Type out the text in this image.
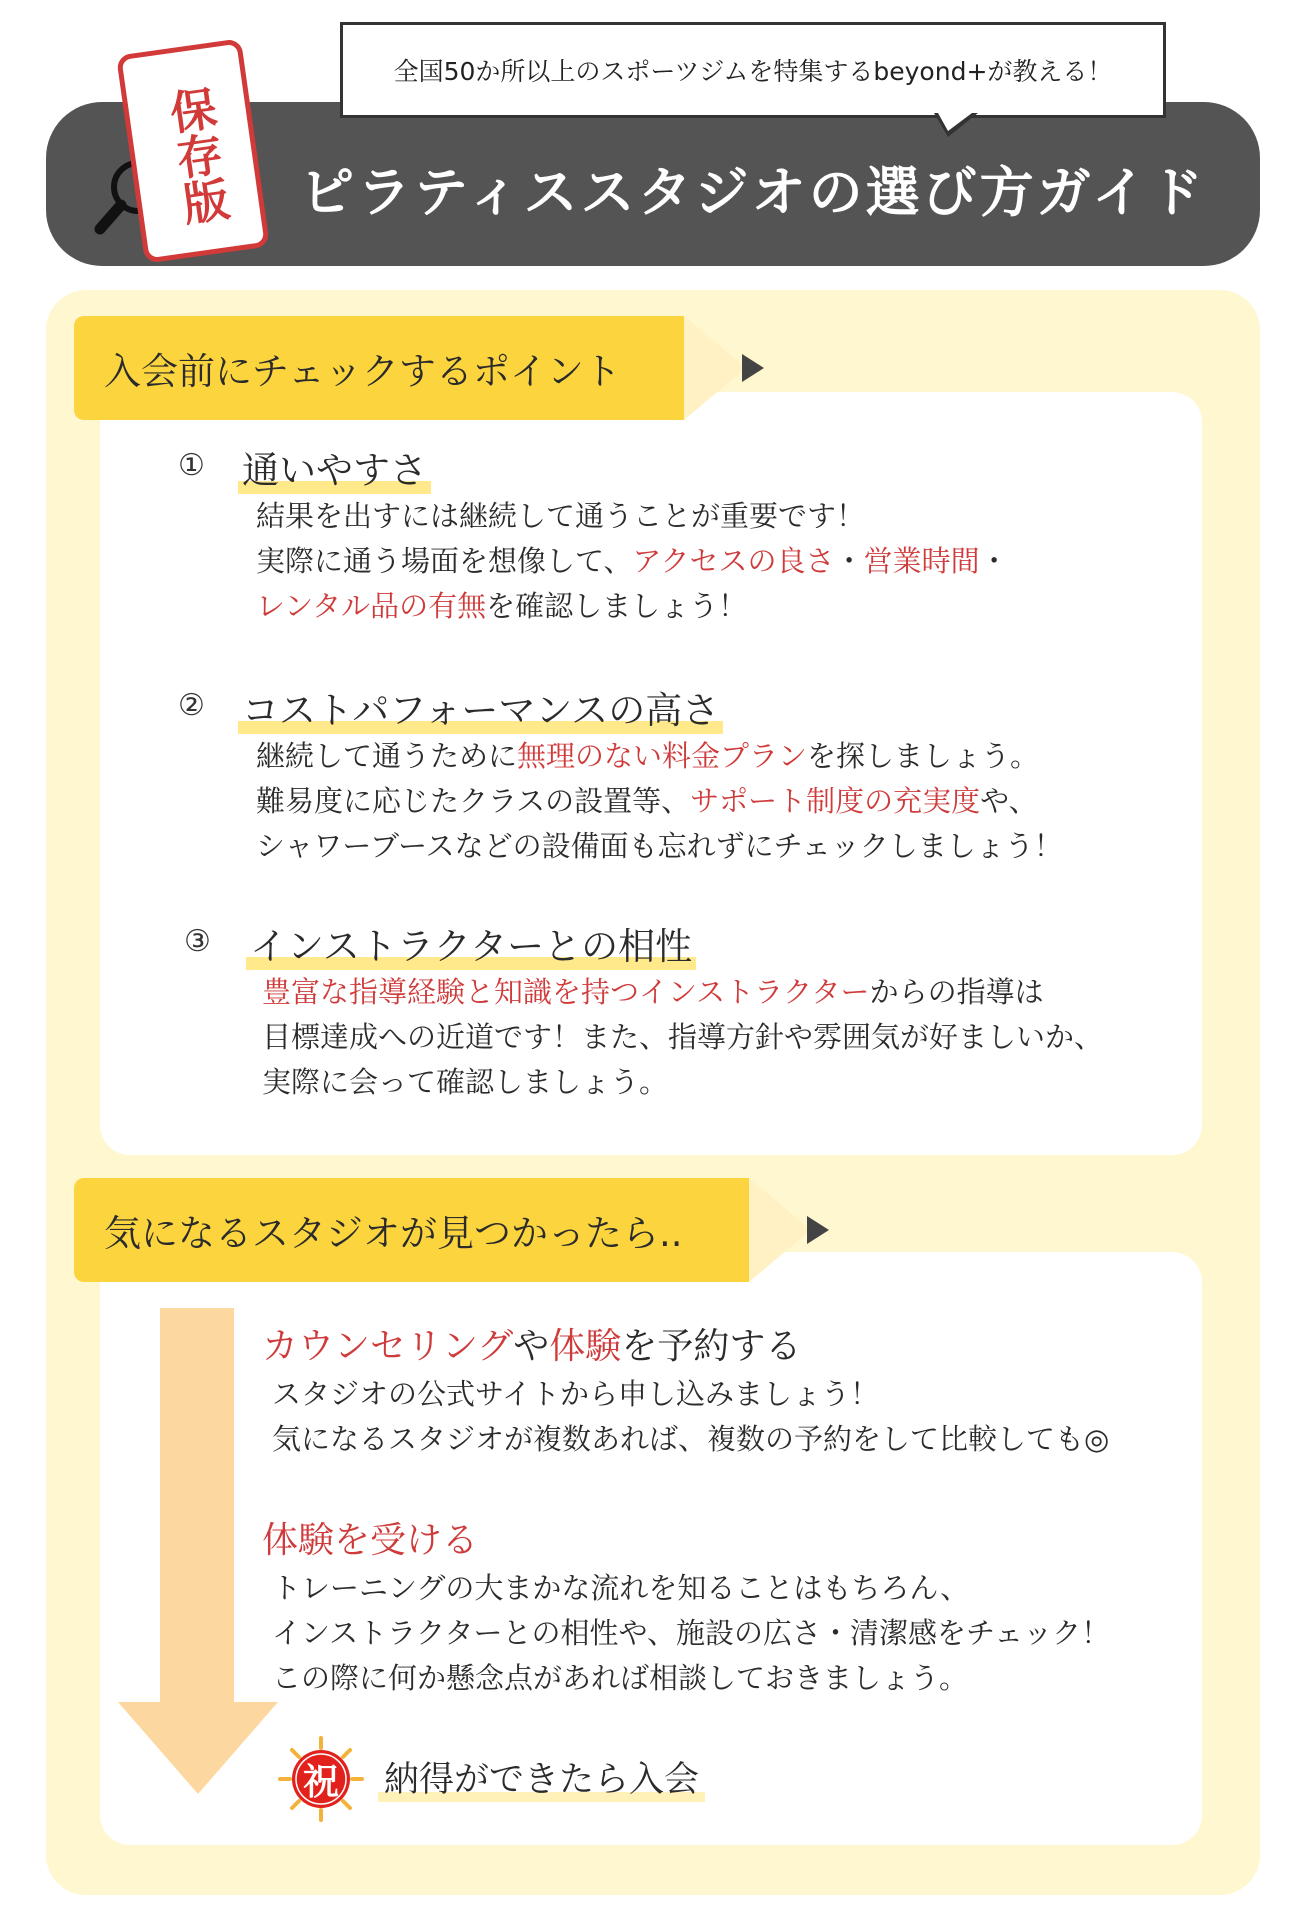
ピラティススタジオの選び方ガイド
全国50か所以上のスポーツジムを特集するbeyond+が教える！
保存版
入会前にチェックするポイント
① 通いやすさ
結果を出すには継続して通うことが重要です！
実際に通う場面を想像して、アクセスの良さ・営業時間・
レンタル品の有無を確認しましょう！
② コストパフォーマンスの高さ
継続して通うために無理のない料金プランを探しましょう。
難易度に応じたクラスの設置等、サポート制度の充実度や、
シャワーブースなどの設備面も忘れずにチェックしましょう！
③ インストラクターとの相性
豊富な指導経験と知識を持つインストラクターからの指導は
目標達成への近道です！また、指導方針や雰囲気が好ましいか、
実際に会って確認しましょう。
気になるスタジオが見つかったら..
カウンセリングや体験を予約する
スタジオの公式サイトから申し込みましょう！
気になるスタジオが複数あれば、複数の予約をして比較しても◎
体験を受ける
トレーニングの大まかな流れを知ることはもちろん、
インストラクターとの相性や、施設の広さ・清潔感をチェック！
この際に何か懸念点があれば相談しておきましょう。
祝	納得ができたら入会
